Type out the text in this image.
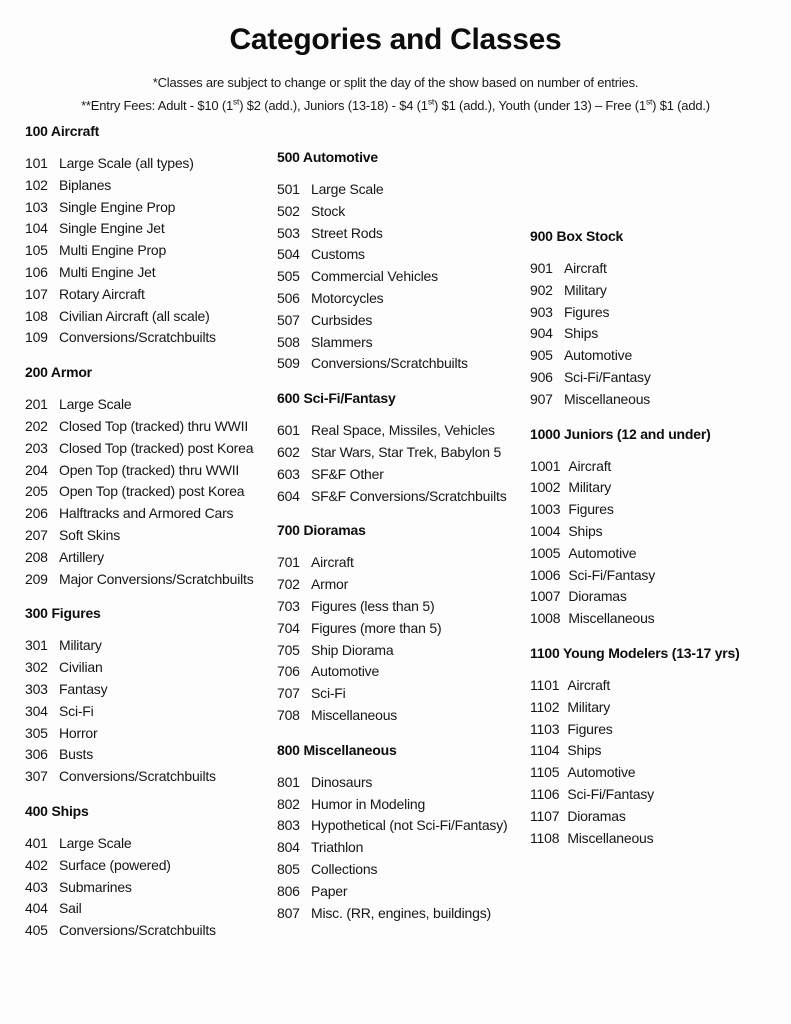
Categories and Classes

*Classes are subject to change or split the day of the show based on number of entries.

**Entry Fees: Adult - $10 (1st) $2 (add.), Juniors (13-18) - $4 (1st) $1 (add.), Youth (under 13) – Free (1st) $1 (add.)

100 Aircraft
101 Large Scale (all types)
102 Biplanes
103 Single Engine Prop
104 Single Engine Jet
105 Multi Engine Prop
106 Multi Engine Jet
107 Rotary Aircraft
108 Civilian Aircraft (all scale)
109 Conversions/Scratchbuilts
200 Armor
201 Large Scale
202 Closed Top (tracked) thru WWII
203 Closed Top (tracked) post Korea
204 Open Top (tracked) thru WWII
205 Open Top (tracked) post Korea
206 Halftracks and Armored Cars
207 Soft Skins
208 Artillery
209 Major Conversions/Scratchbuilts
300 Figures
301 Military
302 Civilian
303 Fantasy
304 Sci-Fi
305 Horror
306 Busts
307 Conversions/Scratchbuilts
400 Ships
401 Large Scale
402 Surface (powered)
403 Submarines
404 Sail
405 Conversions/Scratchbuilts
500 Automotive
501 Large Scale
502 Stock
503 Street Rods
504 Customs
505 Commercial Vehicles
506 Motorcycles
507 Curbsides
508 Slammers
509 Conversions/Scratchbuilts
600 Sci-Fi/Fantasy
601 Real Space, Missiles, Vehicles
602 Star Wars, Star Trek, Babylon 5
603 SF&F Other
604 SF&F Conversions/Scratchbuilts
700 Dioramas
701 Aircraft
702 Armor
703 Figures (less than 5)
704 Figures (more than 5)
705 Ship Diorama
706 Automotive
707 Sci-Fi
708 Miscellaneous
800 Miscellaneous
801 Dinosaurs
802 Humor in Modeling
803 Hypothetical (not Sci-Fi/Fantasy)
804 Triathlon
805 Collections
806 Paper
807 Misc. (RR, engines, buildings)
900 Box Stock
901 Aircraft
902 Military
903 Figures
904 Ships
905 Automotive
906 Sci-Fi/Fantasy
907 Miscellaneous
1000 Juniors (12 and under)
1001 Aircraft
1002 Military
1003 Figures
1004 Ships
1005 Automotive
1006 Sci-Fi/Fantasy
1007 Dioramas
1008 Miscellaneous
1100 Young Modelers (13-17 yrs)
1101 Aircraft
1102 Military
1103 Figures
1104 Ships
1105 Automotive
1106 Sci-Fi/Fantasy
1107 Dioramas
1108 Miscellaneous
